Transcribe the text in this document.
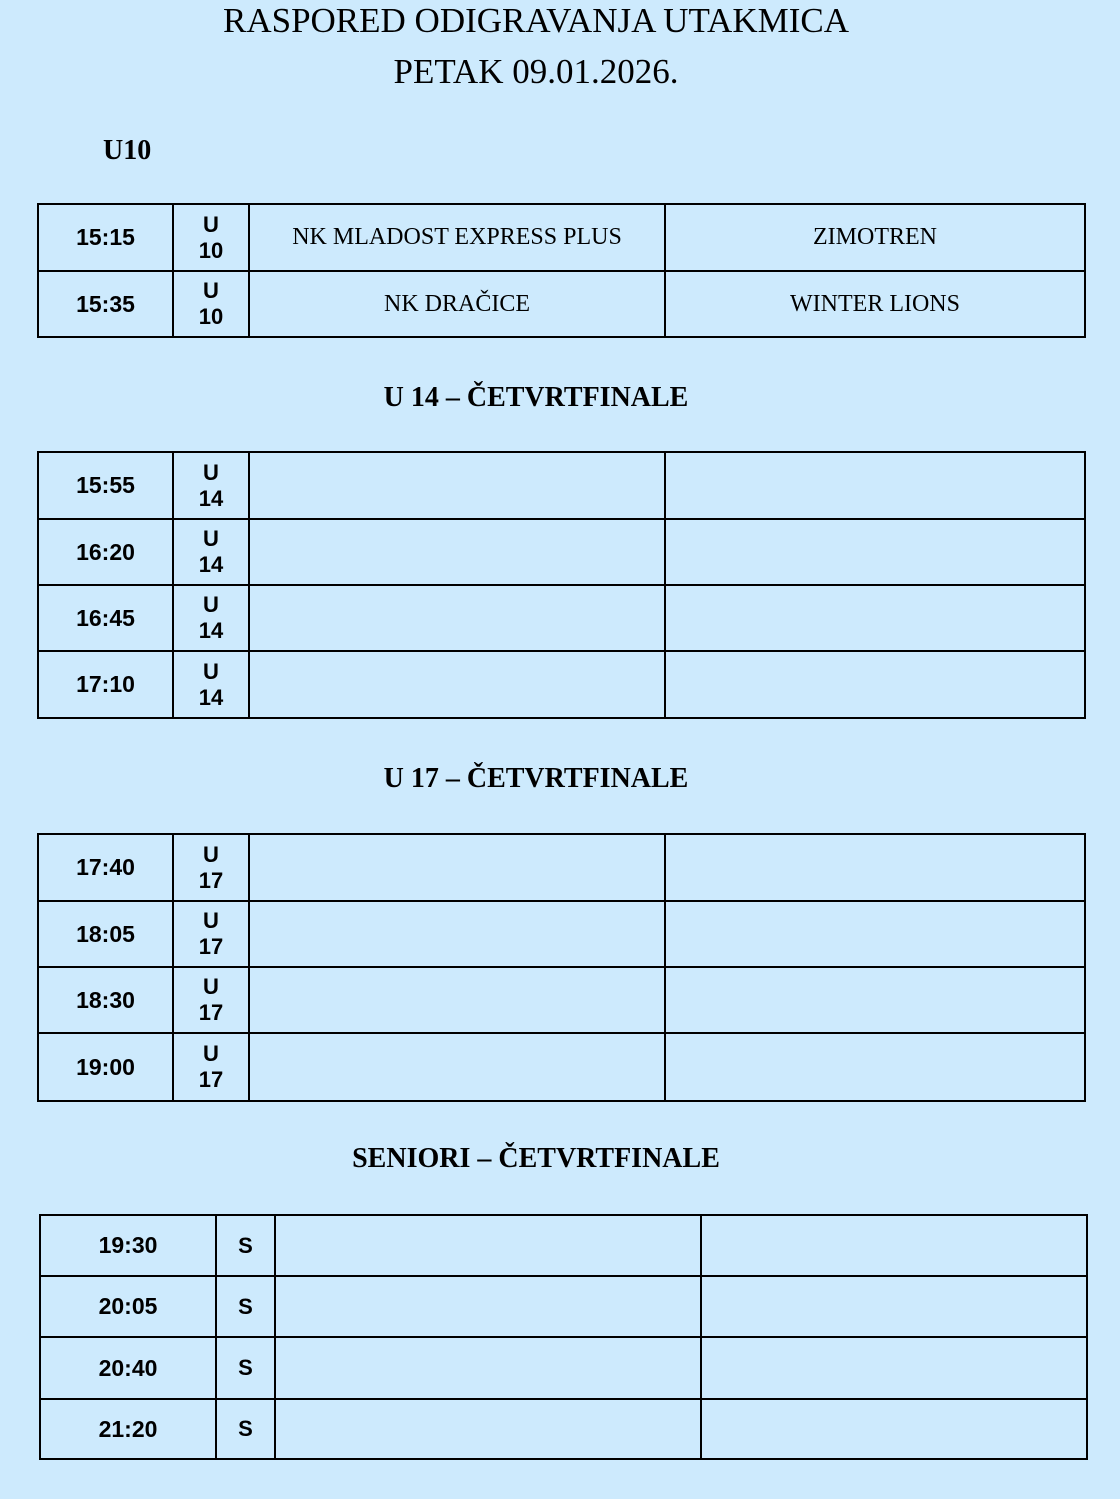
RASPORED ODIGRAVANJA UTAKMICA
PETAK 09.01.2026.
U10
15:15	U10	NK MLADOST EXPRESS PLUS	ZIMOTREN
15:35	U10	NK DRAČICE	WINTER LIONS
U 14 – ČETVRTFINALE
15:55	U14		
16:20	U14		
16:45	U14		
17:10	U14		
U 17 – ČETVRTFINALE
17:40	U17		
18:05	U17		
18:30	U17		
19:00	U17		
SENIORI – ČETVRTFINALE
19:30	S		
20:05	S		
20:40	S		
21:20	S		
